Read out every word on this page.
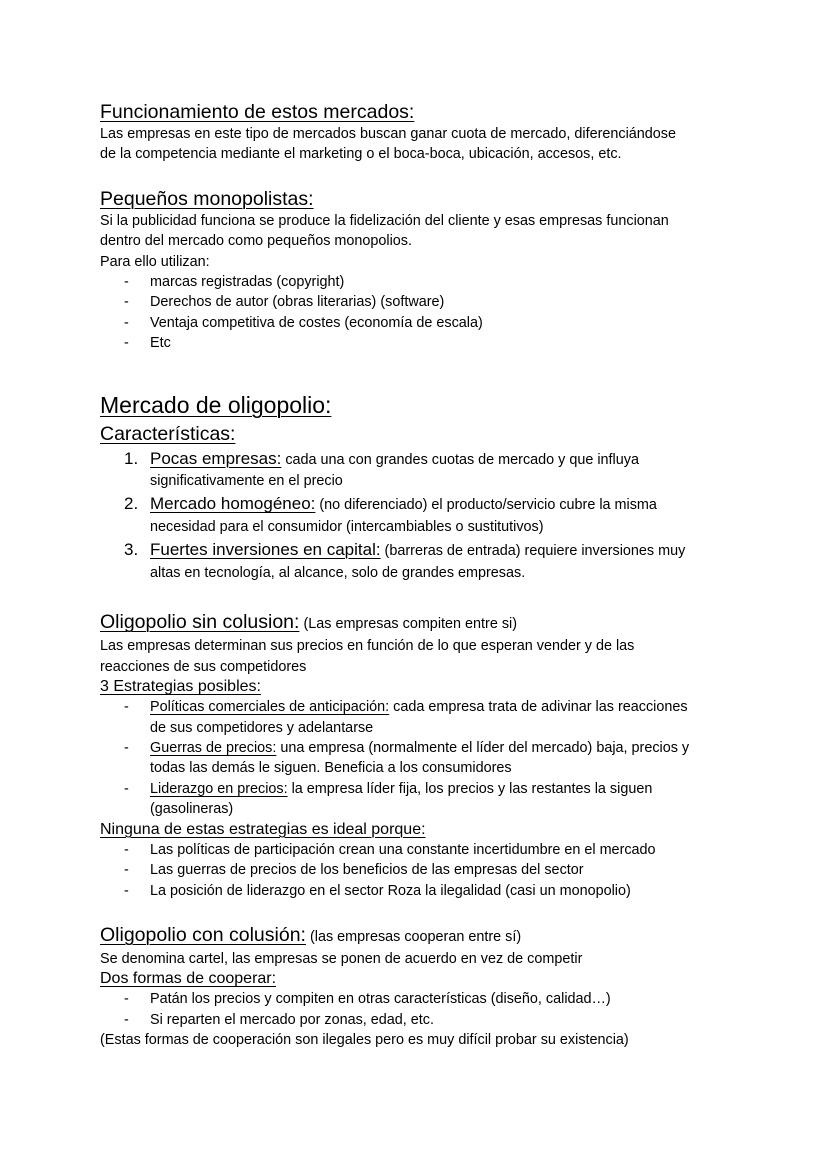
Funcionamiento de estos mercados:

Las empresas en este tipo de mercados buscan ganar cuota de mercado, diferenciándose

de la competencia mediante el marketing o el boca-boca, ubicación, accesos, etc.

Pequeños monopolistas:

Si la publicidad funciona se produce la fidelización del cliente y esas empresas funcionan

dentro del mercado como pequeños monopolios.

Para ello utilizan:

- marcas registradas (copyright)
- Derechos de autor (obras literarias) (software)
- Ventaja competitiva de costes (economía de escala)
- Etc

Mercado de oligopolio:

Características:

1. Pocas empresas: cada una con grandes cuotas de mercado y que influya
significativamente en el precio
2. Mercado homogéneo: (no diferenciado) el producto/servicio cubre la misma
necesidad para el consumidor (intercambiables o sustitutivos)
3. Fuertes inversiones en capital: (barreras de entrada) requiere inversiones muy
altas en tecnología, al alcance, solo de grandes empresas.

Oligopolio sin colusion: (Las empresas compiten entre si)

Las empresas determinan sus precios en función de lo que esperan vender y de las

reacciones de sus competidores

3 Estrategias posibles:

- Políticas comerciales de anticipación: cada empresa trata de adivinar las reacciones
de sus competidores y adelantarse
- Guerras de precios: una empresa (normalmente el líder del mercado) baja, precios y
todas las demás le siguen. Beneficia a los consumidores
- Liderazgo en precios: la empresa líder fija, los precios y las restantes la siguen
(gasolineras)

Ninguna de estas estrategias es ideal porque:

- Las políticas de participación crean una constante incertidumbre en el mercado
- Las guerras de precios de los beneficios de las empresas del sector
- La posición de liderazgo en el sector Roza la ilegalidad (casi un monopolio)

Oligopolio con colusión: (las empresas cooperan entre sí)

Se denomina cartel, las empresas se ponen de acuerdo en vez de competir

Dos formas de cooperar:

- Patán los precios y compiten en otras características (diseño, calidad…)
- Si reparten el mercado por zonas, edad, etc.

(Estas formas de cooperación son ilegales pero es muy difícil probar su existencia)
